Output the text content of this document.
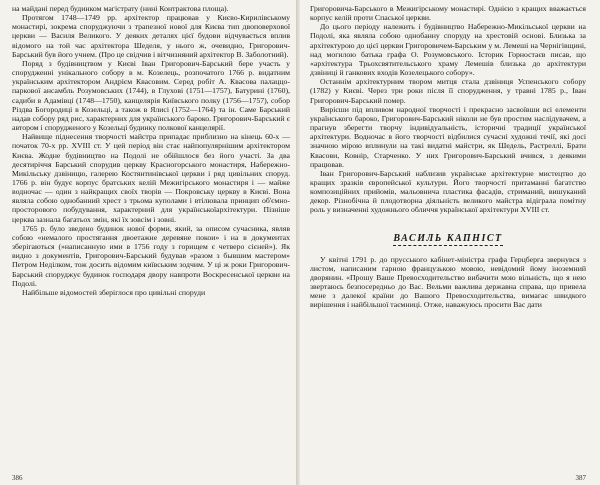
на майдані перед будинком магістрату (нині Контрактова площа).

Протягом 1748—1749 рр. архітектор працював у Києво-Кирилівському монастирі, зокрема споруджуючи з трапезної нової для Києва тип двоповерхової церкви — Василя Великого. У деяких деталях цієї будови відчувається вплив відомого на той час архітектора Шеделя, у нього ж, очевидно, Григорович-Барський був його учнем. (Про це свідчив і вітчизняний архітектор В. Заболотний).

Поряд з будівництвом у Києві Іван Григорович-Барський бере участь у спорудженні унікального собору в м. Козелець, розпочатого 1766 р. видатним українським архітектором Андрієм Квасовим. Серед робіт А. Квасова палаццо-паркової ансамбль Розумовських (1744), в Глухові (1751—1757), Батурині (1760), садиби в Адамівці (1748—1750), канцелярія Київського полку (1756—1757), собор Різдва Богородиці в Козельці, а також в Ялисі (1752—1764) та ін. Саме Барський надав собору ряд рис, характерних для українського бароко. Григорович-Барський є автором і спорудженого у Козельці будинку полкової канцелярії.

Найвище піднесення творчості майстра припадає приблизно на кінець 60-х — початок 70-х рр. XVIII ст. У цей період він стає найпопулярнішим архітектором Києва. Жодне будівництво на Подолі не обійшлося без його участі. За два десятиріччя Барський спорудив церкву Красногорського монастиря, Набережно-Микільську дзвіницю, галерею Костянтинівської церкви і ряд цивільних споруд. 1766 р. він будує корпус братських келій Межигірського монастиря і — майже водночас — один з найкращих своїх творів — Покровську церкву в Києві. Вона являла собою однобанний хрест з трьома куполами і втілювала принцип об'ємно-просторового побудування, характерний для українськоїархітектури. Пізніше церква зазнала багатьох змін, які їх зовсім і зовні.

1765 р. було зведено будинок нової форми, який, за описом сучасника, являв собою «немалого простягання двоетажне деревяне покои» і на в документах зберігаються (»написанную ими в 1756 году з горищем є четверо сієней»). Як видно з документів, Григорович-Барський будував «разом з бывшим мастером» Петром Неділком, тож досить відомим київським зодчим. У ці ж роки Григорович-Барський споруджує будинок господаря двору навпроти Воскресенської церкви на Подолі.

Найбільше відомостей зберіглося про цивільні споруди

386

Григоровича-Барського в Межигірському монастирі. Однією з кращих вважається корпус келій проти Спаської церкви.

До цього періоду належить і будівництво Набережно-Микільської церкви на Подолі, яка являла собою однобанну споруду на хрестовій основі. Близька за архітектурою до цієї церкви Григоровичем-Барським у м. Лемеші на Чернігівщині, над могилою батька графа О. Розумовського. Історик Горностаєв писав, що «архітектура Трьохсвятительського храму Лемешів близька до архітектури дзвіниці й ганкових входів Козелецького собору».

Останнім архітектурним твором митця стала дзвіниця Успенського собору (1782) у Києві. Через три роки після її спорудження, у травні 1785 р., Іван Григорович-Барський помер.

Вирісши під впливом народної творчості і прекрасно засвоївши всі елементи українського бароко, Григорович-Барський ніколи не був простим наслідувачем, а прагнув зберегти творчу індивідуальність, історичні традиції української архітектури. Водночас в його творчості відбилися сучасні художні течії, які досі значною мірою вплинули на такі видатні майстри, як Шедель, Растреллі, Брати Квасови, Ковнір, Старченко. У них Григорович-Барський вчився, з деякими працював.

Іван Григорович-Барський наблизив українське архітектурне мистецтво до кращих зразків європейської культури. Його творчості притаманні багатство композиційних прийомів, мальовнича пластика фасадів, стриманий, вишуканий декор. Різнобічна й плодотворна діяльність великого майстра відіграла помітну роль у визначенні художнього обличчя української архітектури XVIII ст.

ВАСИЛЬ КАПНІСТ

У квітні 1791 р. до прусського кабінет-міністра графа Герцберга звернувся з листом, написаним гарною французькою мовою, невідомий йому іноземний дворянин. «Прошу Ваше Превосходительство вибачити мою вільність, що я нею звертаюсь безпосередньо до Вас. Вельми важлива державна справа, що привела мене з далекої країни до Вашого Превосходительства, вимагає швидкого вирішення і найбільшої таємниці. Отже, наважуюсь просити Вас дати

387
